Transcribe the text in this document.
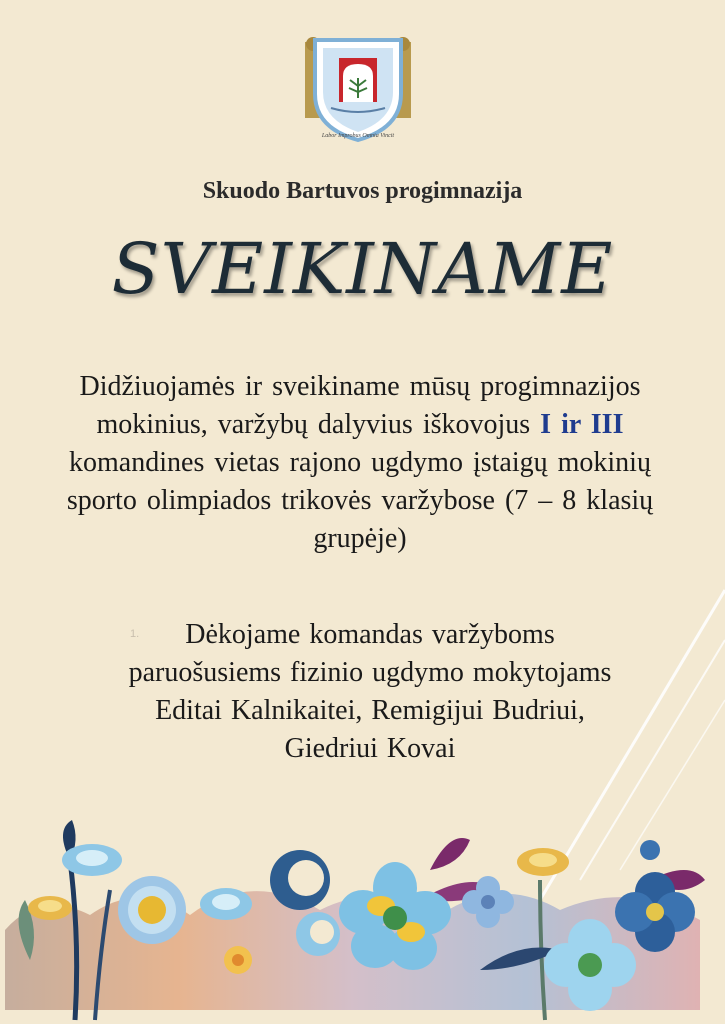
Labor Improbus Omnia Vincit
Skuodo Bartuvos progimnazija
SVEIKINAME
Didžiuojamės ir sveikiname mūsų progimnazijos mokinius, varžybų dalyvius iškovojus I ir III komandines vietas rajono ugdymo įstaigų mokinių sporto olimpiados trikovės varžybose (7 – 8 klasių grupėje)
1.	Dėkojame komandas varžyboms paruošusiems fizinio ugdymo mokytojams Editai Kalnikaitei, Remigijui Budriui, Giedriui Kovai
